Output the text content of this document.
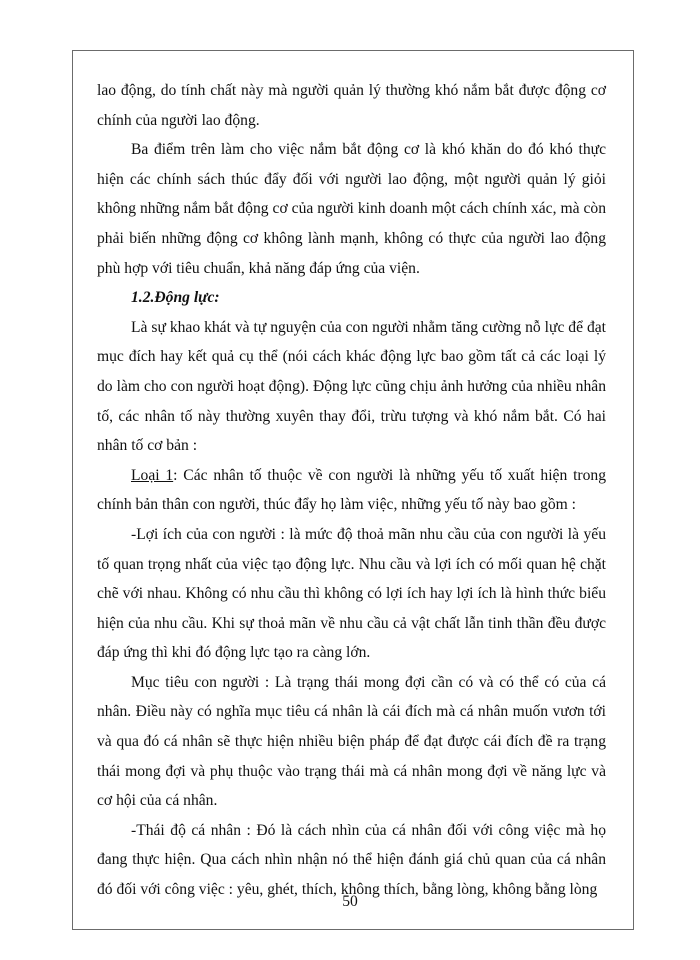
lao động, do tính chất này mà người quản lý thường khó nắm bắt được động cơ chính của người lao động.

Ba điểm trên làm cho việc nắm bắt động cơ là khó khăn do đó khó thực hiện các chính sách thúc đẩy đối với người lao động, một người quản lý giỏi không những nắm bắt động cơ của người kinh doanh một cách chính xác, mà còn phải biến những động cơ không lành mạnh, không có thực của người lao động phù hợp với tiêu chuẩn, khả năng đáp ứng của viện.

1.2.Động lực:

Là sự khao khát và tự nguyện của con người nhằm tăng cường nỗ lực để đạt mục đích hay kết quả cụ thể (nói cách khác động lực bao gồm tất cả các loại lý do làm cho con người hoạt động). Động lực cũng chịu ảnh hưởng của nhiều nhân tố, các nhân tố này thường xuyên thay đổi, trừu tượng và khó nắm bắt. Có hai nhân tố cơ bản :

Loại 1: Các nhân tố thuộc về con người là những yếu tố xuất hiện trong chính bản thân con người, thúc đẩy họ làm việc, những yếu tố này bao gồm :

-Lợi ích của con người : là mức độ thoả mãn nhu cầu của con người là yếu tố quan trọng nhất của việc tạo động lực. Nhu cầu và lợi ích có mối quan hệ chặt chẽ với nhau. Không có nhu cầu thì không có lợi ích hay lợi ích là hình thức biểu hiện của nhu cầu. Khi sự thoả mãn về nhu cầu cả vật chất lẫn tinh thần đều được đáp ứng thì khi đó động lực tạo ra càng lớn.

Mục tiêu con người : Là trạng thái mong đợi cần có và có thể có của cá nhân. Điều này có nghĩa mục tiêu cá nhân là cái đích mà cá nhân muốn vươn tới và qua đó cá nhân sẽ thực hiện nhiều biện pháp để đạt được cái đích đề ra trạng thái mong đợi và phụ thuộc vào trạng thái mà cá nhân mong đợi về năng lực và cơ hội của cá nhân.

-Thái độ cá nhân : Đó là cách nhìn của cá nhân đối với công việc mà họ đang thực hiện. Qua cách nhìn nhận nó thể hiện đánh giá chủ quan của cá nhân đó đối với công việc : yêu, ghét, thích, không thích, bằng lòng, không bằng lòng

50
